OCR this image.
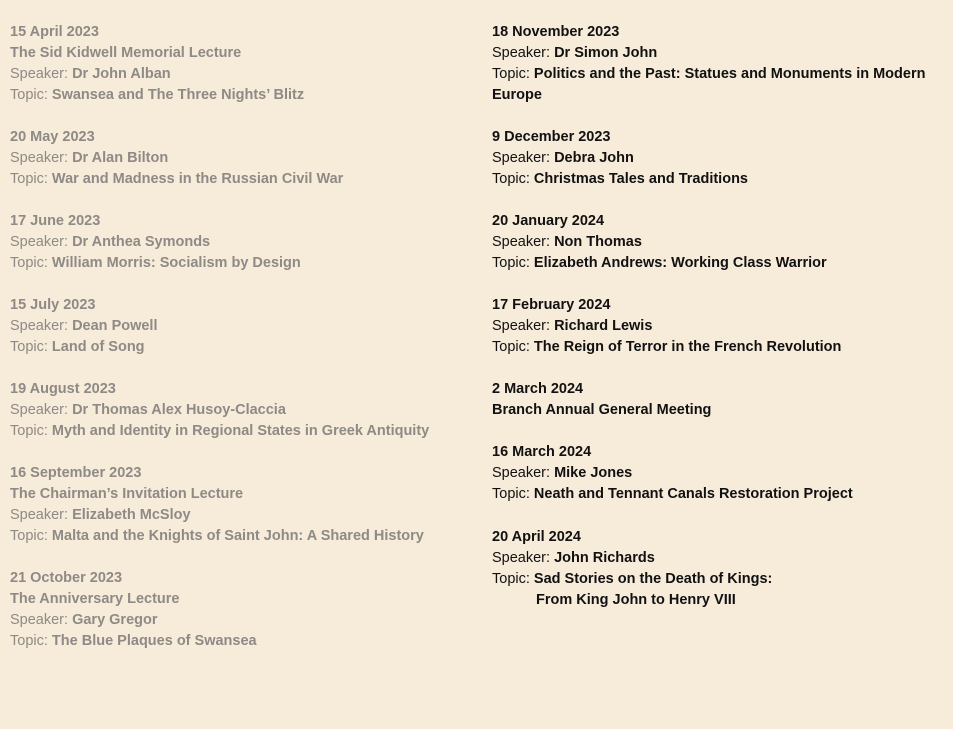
15 April 2023
The Sid Kidwell Memorial Lecture
Speaker: Dr John Alban
Topic: Swansea and The Three Nights’ Blitz
20 May 2023
Speaker: Dr Alan Bilton
Topic: War and Madness in the Russian Civil War
17 June 2023
Speaker: Dr Anthea Symonds
Topic: William Morris: Socialism by Design
15 July 2023
Speaker: Dean Powell
Topic: Land of Song
19 August 2023
Speaker: Dr Thomas Alex Husoy-Claccia
Topic: Myth and Identity in Regional States in Greek Antiquity
16 September 2023
The Chairman’s Invitation Lecture
Speaker: Elizabeth McSloy
Topic: Malta and the Knights of Saint John: A Shared History
21 October 2023
The Anniversary Lecture
Speaker: Gary Gregor
Topic: The Blue Plaques of Swansea
18 November 2023
Speaker: Dr Simon John
Topic: Politics and the Past: Statues and Monuments in Modern Europe
9 December 2023
Speaker: Debra John
Topic: Christmas Tales and Traditions
20 January 2024
Speaker: Non Thomas
Topic: Elizabeth Andrews: Working Class Warrior
17 February 2024
Speaker: Richard Lewis
Topic: The Reign of Terror in the French Revolution
2 March 2024
Branch Annual General Meeting
16 March 2024
Speaker: Mike Jones
Topic: Neath and Tennant Canals Restoration Project
20 April 2024
Speaker: John Richards
Topic: Sad Stories on the Death of Kings:
From King John to Henry VIII
